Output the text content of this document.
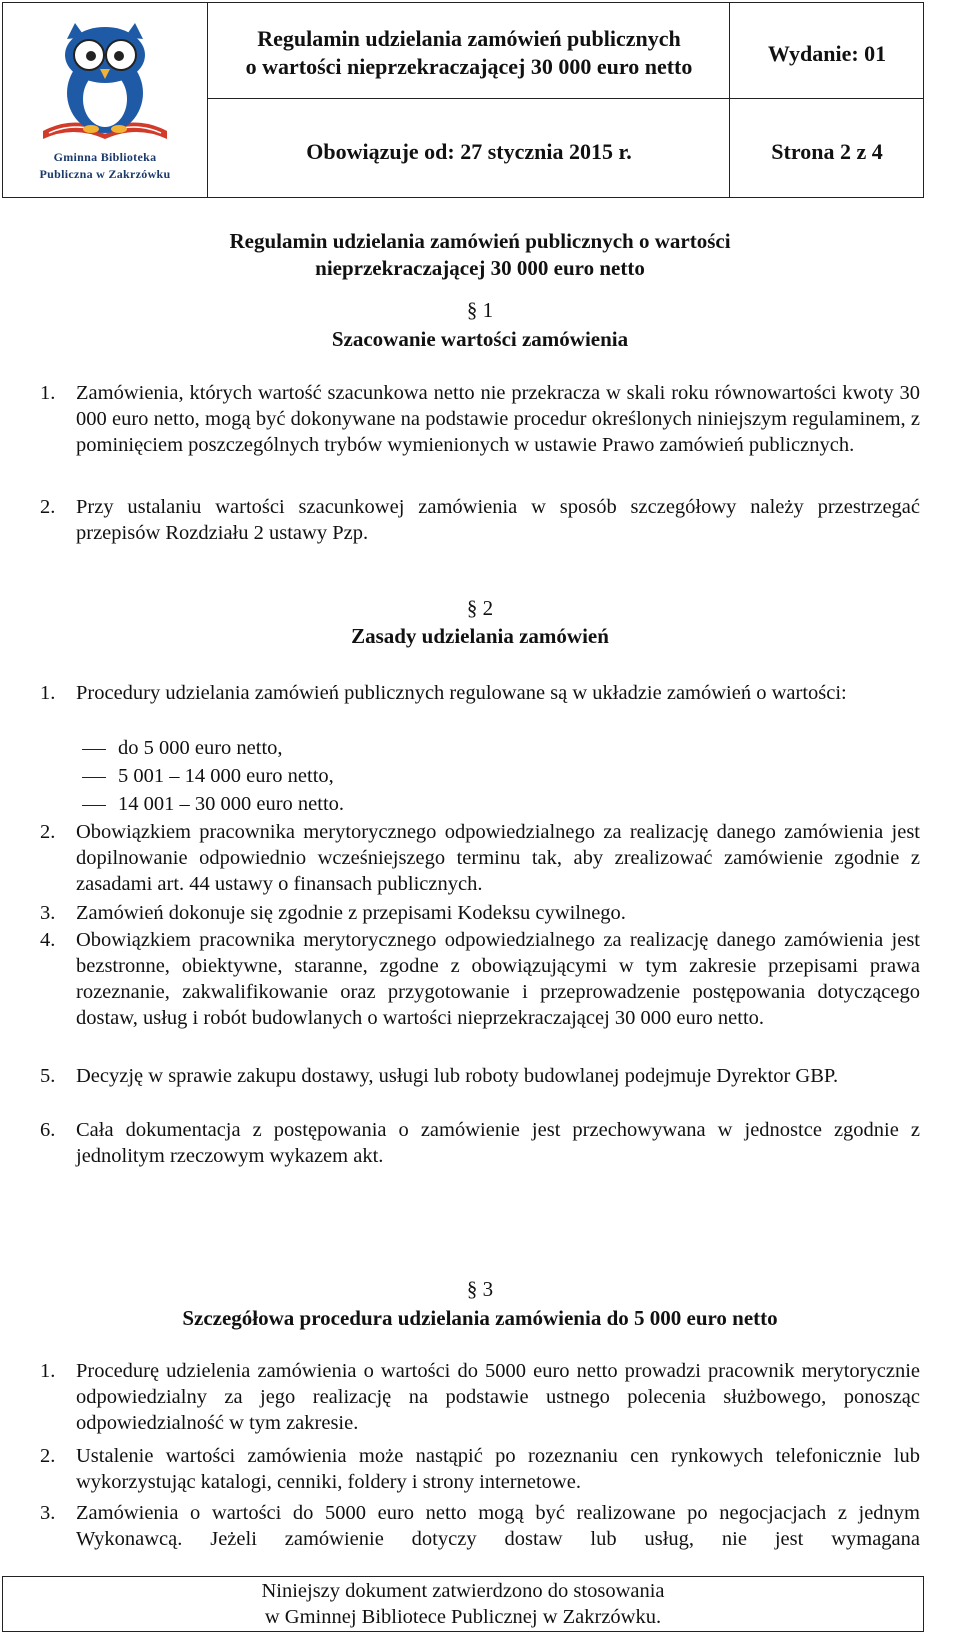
Gminna Biblioteka
Publiczna w Zakrzówku
Regulamin udzielania zamówień publicznych
o wartości nieprzekraczającej 30 000 euro netto
Wydanie: 01
Obowiązuje od: 27 stycznia 2015 r.	Strona 2 z 4
Regulamin udzielania zamówień publicznych o wartości
nieprzekraczającej 30 000 euro netto
§ 1
Szacowanie wartości zamówienia
1. Zamówienia, których wartość szacunkowa netto nie przekracza w skali roku równowartości kwoty 30 000 euro netto, mogą być dokonywane na podstawie procedur określonych niniejszym regulaminem, z pominięciem poszczególnych trybów wymienionych w ustawie Prawo zamówień publicznych.
2. Przy ustalaniu wartości szacunkowej zamówienia w sposób szczegółowy należy przestrzegać przepisów Rozdziału 2 ustawy Pzp.
§ 2
Zasady udzielania zamówień
1. Procedury udzielania zamówień publicznych regulowane są w układzie zamówień o wartości:
do 5 000 euro netto,
5 001 – 14 000 euro netto,
14 001 – 30 000 euro netto.
2. Obowiązkiem pracownika merytorycznego odpowiedzialnego za realizację danego zamówienia jest dopilnowanie odpowiednio wcześniejszego terminu tak, aby zrealizować zamówienie zgodnie z zasadami art. 44 ustawy o finansach publicznych.
3. Zamówień dokonuje się zgodnie z przepisami Kodeksu cywilnego.
4. Obowiązkiem pracownika merytorycznego odpowiedzialnego za realizację danego zamówienia jest bezstronne, obiektywne, staranne, zgodne z obowiązującymi w tym zakresie przepisami prawa rozeznanie, zakwalifikowanie oraz przygotowanie i przeprowadzenie postępowania dotyczącego dostaw, usług i robót budowlanych o wartości nieprzekraczającej 30 000 euro netto.
5. Decyzję w sprawie zakupu dostawy, usługi lub roboty budowlanej podejmuje Dyrektor GBP.
6. Cała dokumentacja z postępowania o zamówienie jest przechowywana w jednostce zgodnie z jednolitym rzeczowym wykazem akt.
§ 3
Szczegółowa procedura udzielania zamówienia do 5 000 euro netto
1. Procedurę udzielenia zamówienia o wartości do 5000 euro netto prowadzi pracownik merytorycznie odpowiedzialny za jego realizację na podstawie ustnego polecenia służbowego, ponosząc odpowiedzialność w tym zakresie.
2. Ustalenie wartości zamówienia może nastąpić po rozeznaniu cen rynkowych telefonicznie lub wykorzystując katalogi, cenniki, foldery i strony internetowe.
3. Zamówienia o wartości do 5000 euro netto mogą być realizowane po negocjacjach z jednym Wykonawcą. Jeżeli zamówienie dotyczy dostaw lub usług, nie jest wymagana
Niniejszy dokument zatwierdzono do stosowania
w Gminnej Bibliotece Publicznej w Zakrzówku.
